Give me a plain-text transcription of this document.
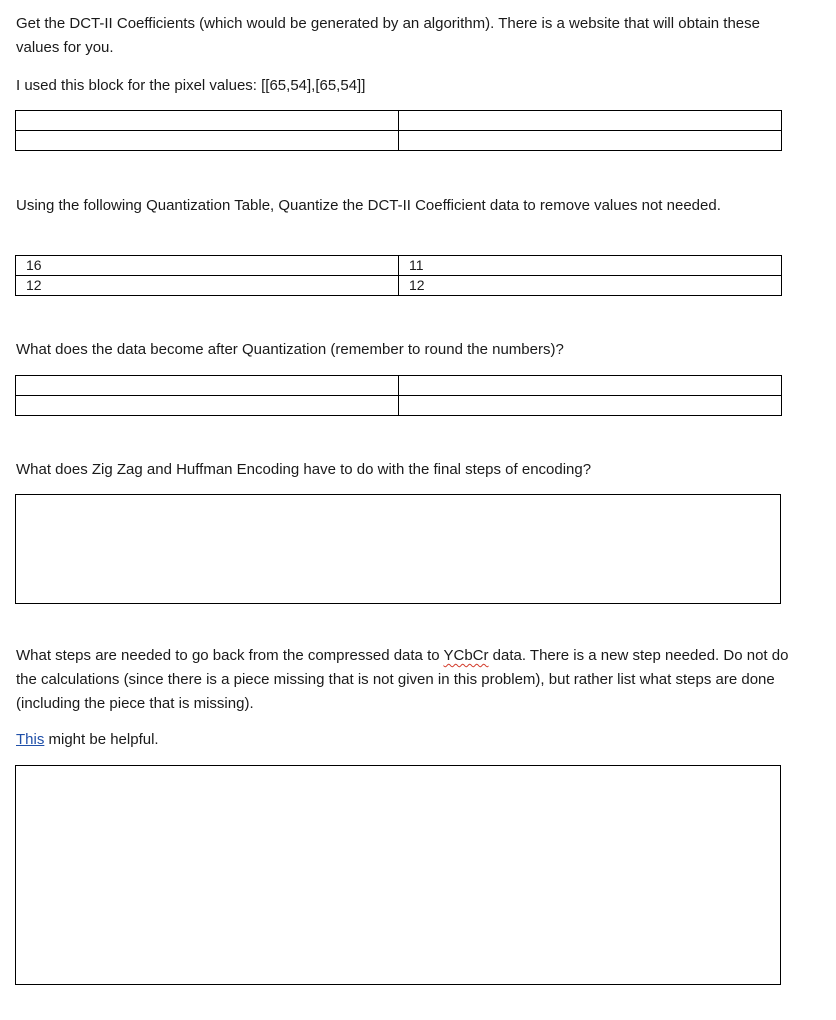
Get the DCT-II Coefficients (which would be generated by an algorithm). There is a website that will obtain these values for you.

I used this block for the pixel values: [[65,54],[65,54]]

Using the following Quantization Table, Quantize the DCT-II Coefficient data to remove values not needed.

16	11
12	12

What does the data become after Quantization (remember to round the numbers)?

What does Zig Zag and Huffman Encoding have to do with the final steps of encoding?

What steps are needed to go back from the compressed data to YCbCr data. There is a new step needed. Do not do the calculations (since there is a piece missing that is not given in this problem), but rather list what steps are done (including the piece that is missing).

This might be helpful.
